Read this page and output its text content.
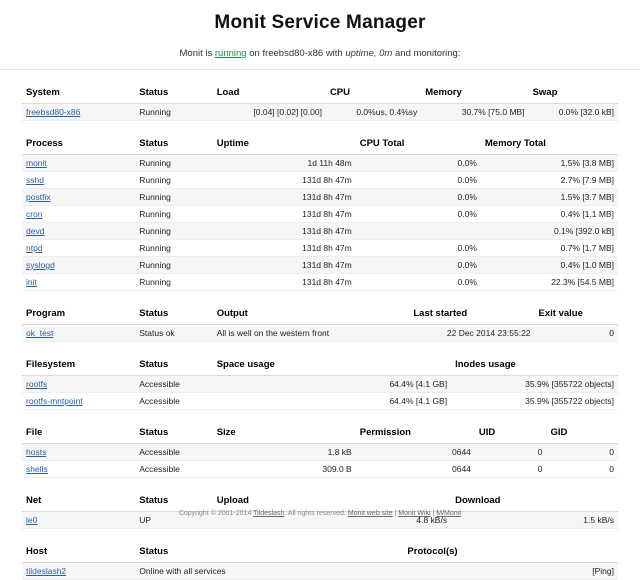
Monit Service Manager
Monit is running on freebsd80-x86 with uptime, 0m and monitoring:
System	Status	Load	CPU	Memory	Swap
freebsd80-x86	Running	[0.04] [0.02] [0.00]	0.0%us, 0.4%sy	30.7% [75.0 MB]	0.0% [32.0 kB]
Process	Status	Uptime	CPU Total	Memory Total
monit	Running	1d 11h 48m	0.0%	1.5% [3.8 MB]
sshd	Running	131d 8h 47m	0.0%	2.7% [7.9 MB]
postfix	Running	131d 8h 47m	0.0%	1.5% [3.7 MB]
cron	Running	131d 8h 47m	0.0%	0.4% [1.1 MB]
devd	Running	131d 8h 47m		0.1% [392.0 kB]
ntpd	Running	131d 8h 47m	0.0%	0.7% [1.7 MB]
syslogd	Running	131d 8h 47m	0.0%	0.4% [1.0 MB]
init	Running	131d 8h 47m	0.0%	22.3% [54.5 MB]
Program	Status	Output	Last started	Exit value
ok_test	Status ok	All is well on the western front	22 Dec 2014 23:55:22	0
Filesystem	Status	Space usage	Inodes usage
rootfs	Accessible	64.4% [4.1 GB]	35.9% [355722 objects]
rootfs-mntpoint	Accessible	64.4% [4.1 GB]	35.9% [355722 objects]
File	Status	Size	Permission	UID	GID
hosts	Accessible	1.8 kB	0644	0	0
shells	Accessible	309.0 B	0644	0	0
Net	Status	Upload	Download
le0	UP	4.8 kB/s	1.5 kB/s
Host	Status	Protocol(s)
tildeslash2	Online with all services	[Ping]
Copyright © 2001-2014 Tildeslash. All rights reserved. Monit web site | Monit Wiki | M/Monit
